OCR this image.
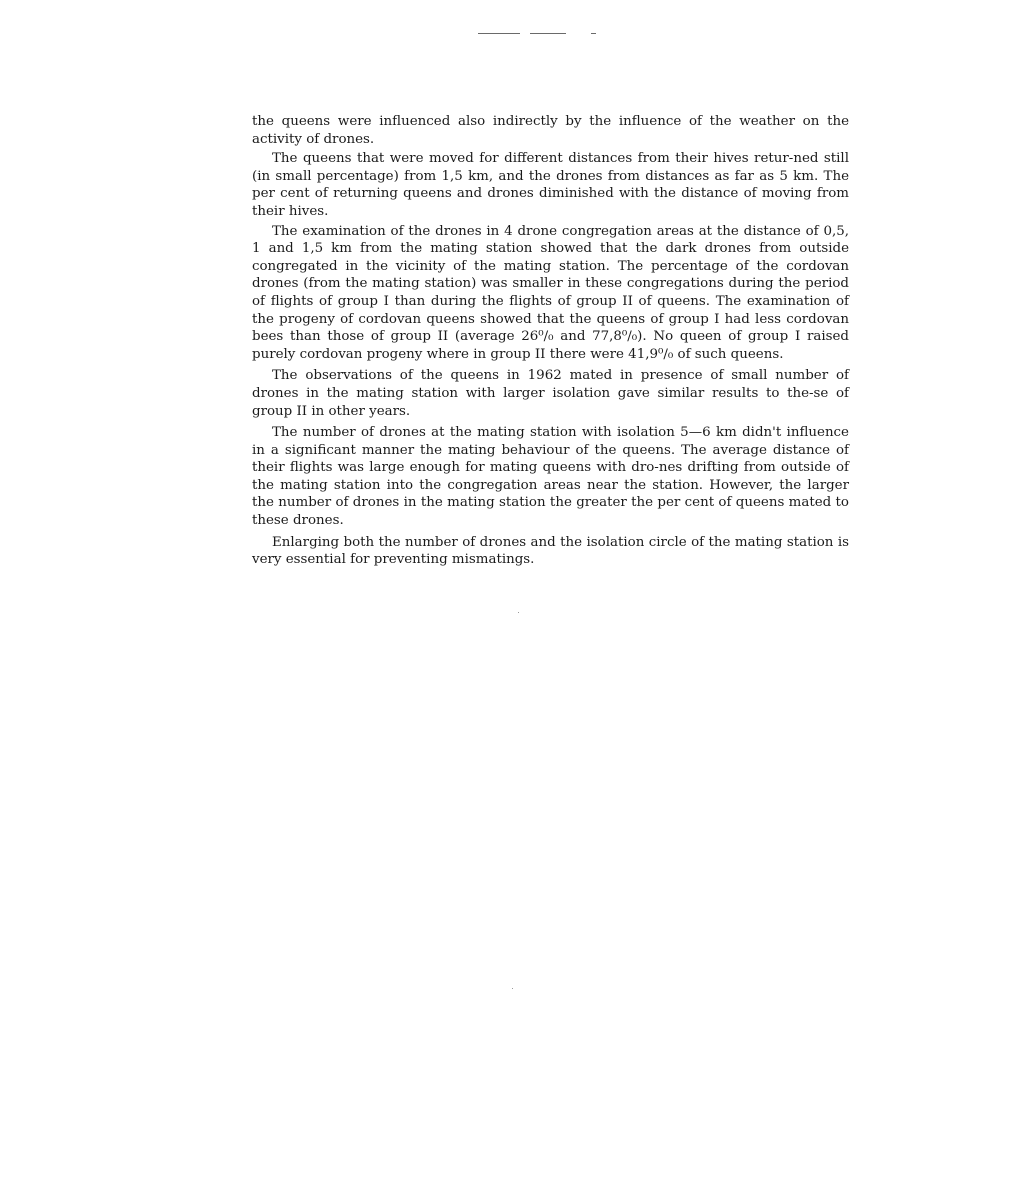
the queens were influenced also indirectly by the influence of the weather on the activity of drones.

The queens that were moved for different distances from their hives retur-ned still (in small percentage) from 1,5 km, and the drones from distances as far as 5 km. The per cent of returning queens and drones diminished with the distance of moving from their hives.

The examination of the drones in 4 drone congregation areas at the distance of 0,5, 1 and 1,5 km from the mating station showed that the dark drones from outside congregated in the vicinity of the mating station. The percentage of the cordovan drones (from the mating station) was smaller in these congregations during the period of flights of group I than during the flights of group II of queens. The examination of the progeny of cordovan queens showed that the queens of group I had less cordovan bees than those of group II (average 26⁰/₀ and 77,8⁰/₀). No queen of group I raised purely cordovan progeny where in group II there were 41,9⁰/₀ of such queens.

The observations of the queens in 1962 mated in presence of small number of drones in the mating station with larger isolation gave similar results to the-se of group II in other years.

The number of drones at the mating station with isolation 5—6 km didn't influence in a significant manner the mating behaviour of the queens. The average distance of their flights was large enough for mating queens with dro-nes drifting from outside of the mating station into the congregation areas near the station. However, the larger the number of drones in the mating station the greater the per cent of queens mated to these drones.

Enlarging both the number of drones and the isolation circle of the mating station is very essential for preventing mismatings.
